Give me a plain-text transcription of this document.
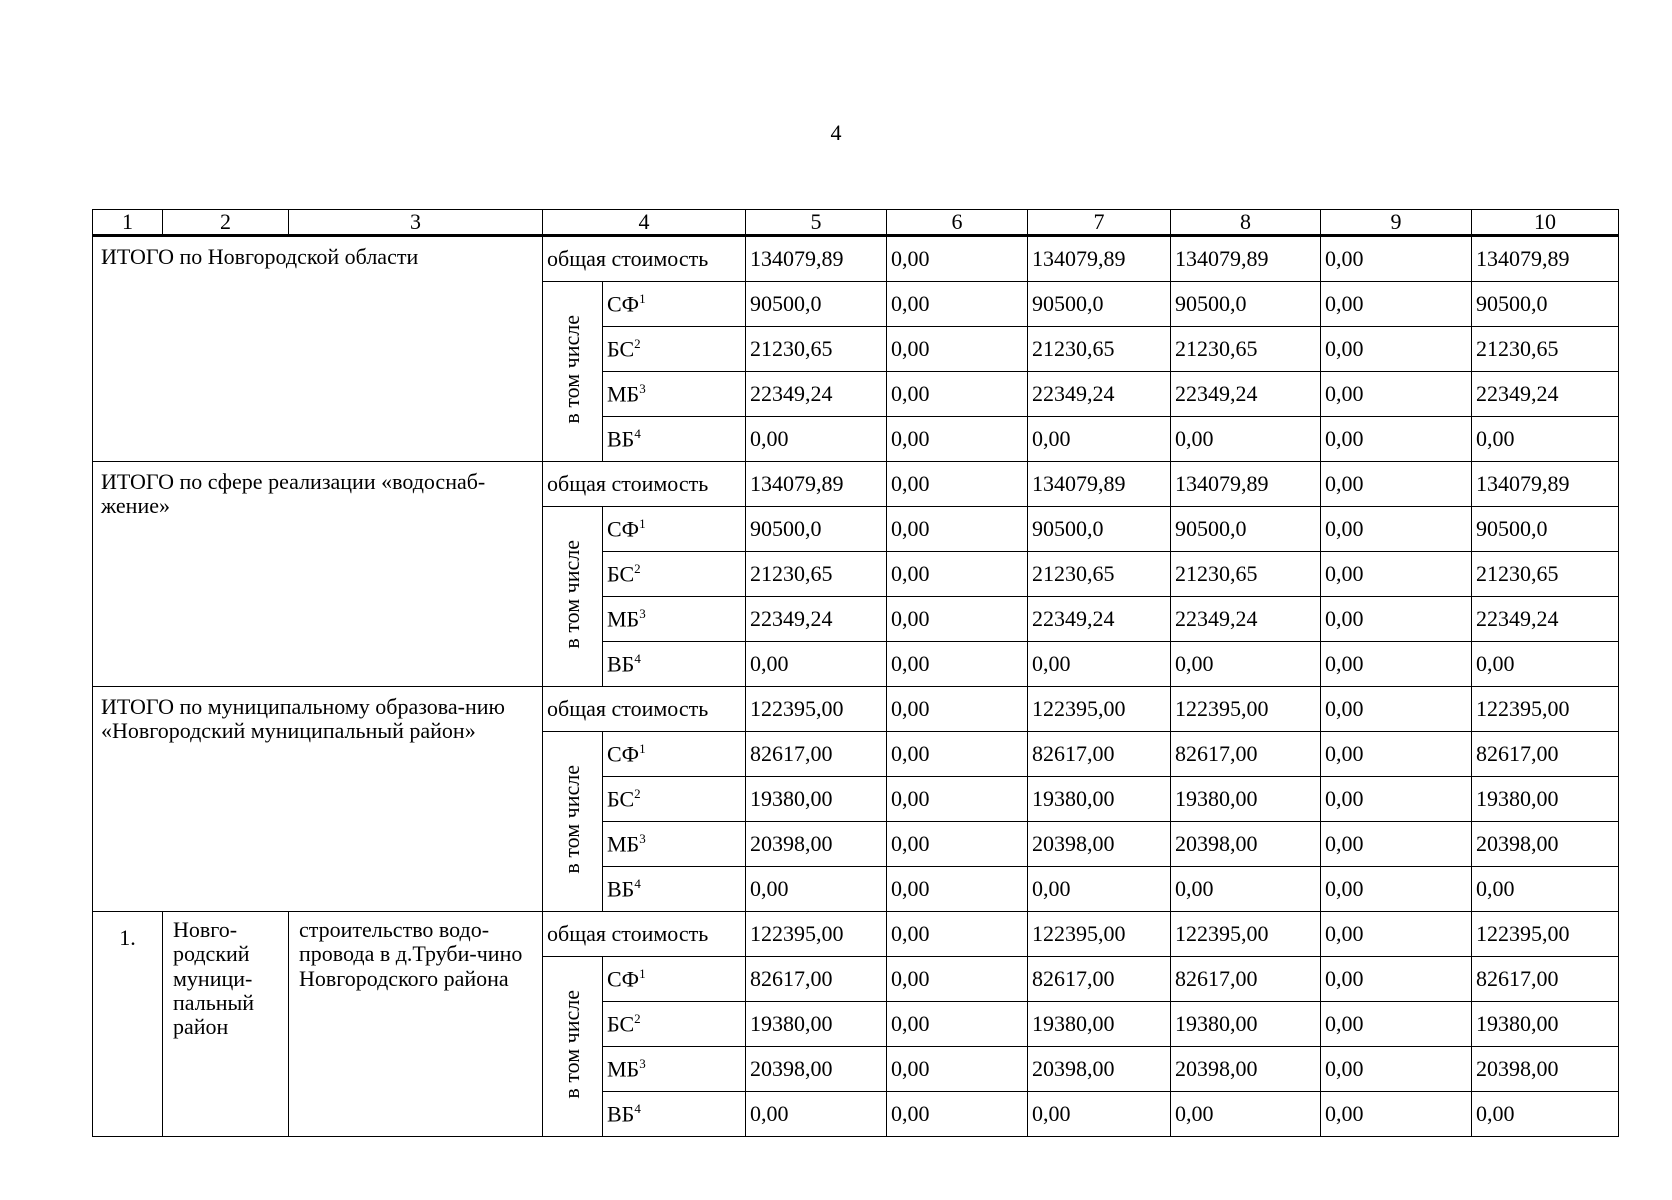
4
1	2	3	4		5	6	7	8	9	10
ИТОГО по Новгородской области			общая стоимость		134079,89	0,00	134079,89	134079,89	0,00	134079,89
			в том числе	$СФ^1$	90500,0	0,00	90500,0	90500,0	0,00	90500,0
				$БС^2$	21230,65	0,00	21230,65	21230,65	0,00	21230,65
				$МБ^3$	22349,24	0,00	22349,24	22349,24	0,00	22349,24
				$ВБ^4$	0,00	0,00	0,00	0,00	0,00	0,00
ИТОГО по сфере реализации «водоснаб-жение»			общая стоимость		134079,89	0,00	134079,89	134079,89	0,00	134079,89
			в том числе	$СФ^1$	90500,0	0,00	90500,0	90500,0	0,00	90500,0
				$БС^2$	21230,65	0,00	21230,65	21230,65	0,00	21230,65
				$МБ^3$	22349,24	0,00	22349,24	22349,24	0,00	22349,24
				$ВБ^4$	0,00	0,00	0,00	0,00	0,00	0,00
ИТОГО по муниципальному образова-нию «Новгородский муниципальный район»			общая стоимость		122395,00	0,00	122395,00	122395,00	0,00	122395,00
			в том числе	$СФ^1$	82617,00	0,00	82617,00	82617,00	0,00	82617,00
				$БС^2$	19380,00	0,00	19380,00	19380,00	0,00	19380,00
				$МБ^3$	20398,00	0,00	20398,00	20398,00	0,00	20398,00
				$ВБ^4$	0,00	0,00	0,00	0,00	0,00	0,00
1.	Новго-родский муници-пальный район	строительство водо-провода в д.Труби-чино Новгородского района	общая стоимость		122395,00	0,00	122395,00	122395,00	0,00	122395,00
			в том числе	$СФ^1$	82617,00	0,00	82617,00	82617,00	0,00	82617,00
				$БС^2$	19380,00	0,00	19380,00	19380,00	0,00	19380,00
				$МБ^3$	20398,00	0,00	20398,00	20398,00	0,00	20398,00
				$ВБ^4$	0,00	0,00	0,00	0,00	0,00	0,00
